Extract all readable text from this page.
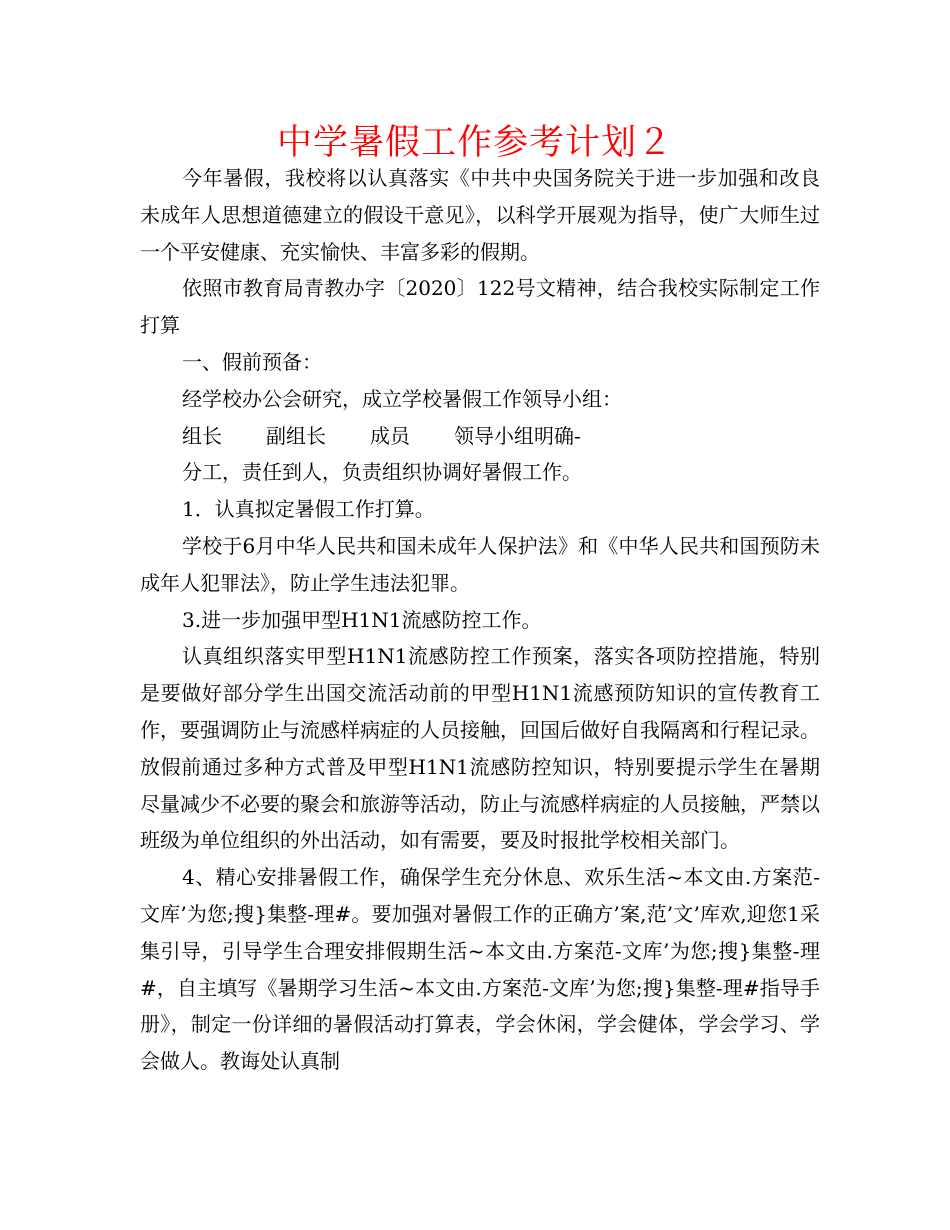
中学暑假工作参考计划２

今年暑假，我校将以认真落实《中共中央国务院关于进一步加强和改良未成年人思想道德建立的假设干意见》，以科学开展观为指导，使广大师生过一个平安健康、充实愉快、丰富多彩的假期。

依照市教育局青教办字〔2020〕122号文精神，结合我校实际制定工作打算

一、假前预备：

经学校办公会研究，成立学校暑假工作领导小组：

组长 副组长 成员 领导小组明确-

分工，责任到人，负责组织协调好暑假工作。

1．认真拟定暑假工作打算。

学校于6月中华人民共和国未成年人保护法》和《中华人民共和国预防未成年人犯罪法》，防止学生违法犯罪。

3.进一步加强甲型H1N1流感防控工作。

认真组织落实甲型H1N1流感防控工作预案，落实各项防控措施，特别是要做好部分学生出国交流活动前的甲型H1N1流感预防知识的宣传教育工作，要强调防止与流感样病症的人员接触，回国后做好自我隔离和行程记录。放假前通过多种方式普及甲型H1N1流感防控知识，特别要提示学生在暑期尽量减少不必要的聚会和旅游等活动，防止与流感样病症的人员接触，严禁以班级为单位组织的外出活动，如有需要，要及时报批学校相关部门。

4、精心安排暑假工作，确保学生充分休息、欢乐生活~本文由.方案范-文库’为您;搜}集整-理#。要加强对暑假工作的正确方’案,范’文’库欢,迎您1采集引导，引导学生合理安排假期生活~本文由.方案范-文库’为您;搜}集整-理#，自主填写《暑期学习生活~本文由.方案范-文库’为您;搜}集整-理#指导手册》，制定一份详细的暑假活动打算表，学会休闲，学会健体，学会学习、学会做人。教诲处认真制
